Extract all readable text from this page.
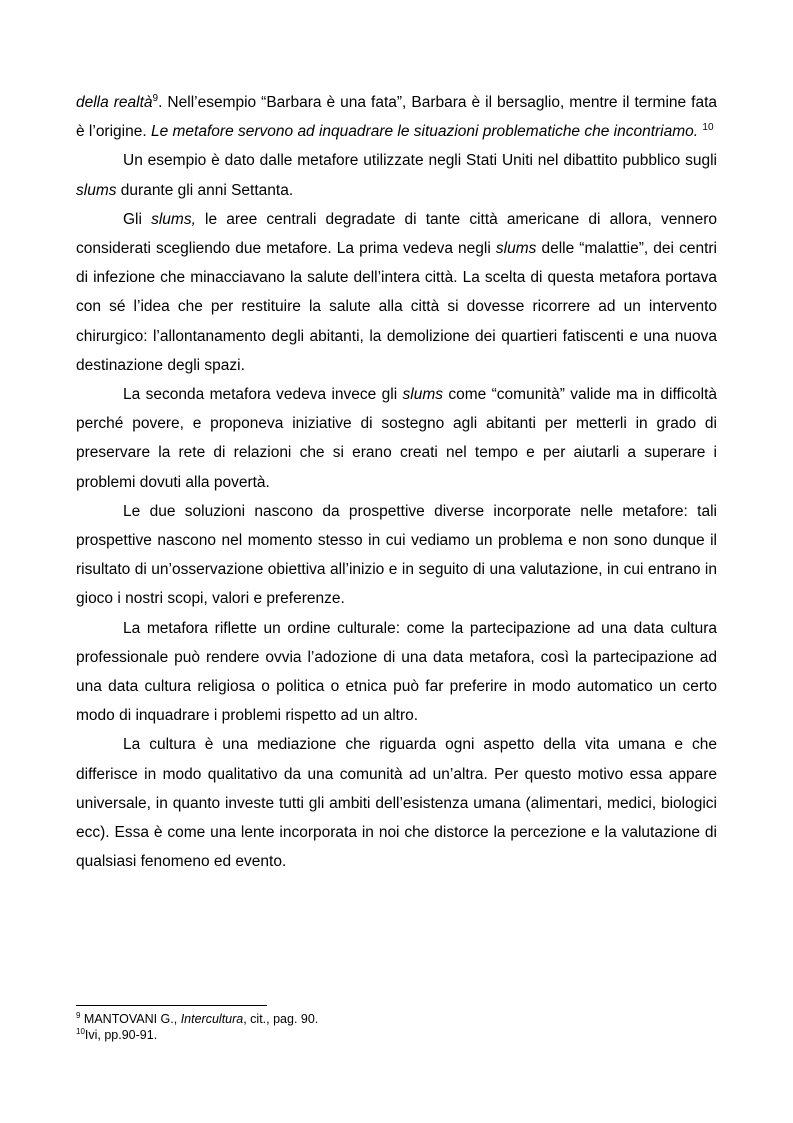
della realtà$^9$. Nell’esempio “Barbara è una fata”, Barbara è il bersaglio, mentre il termine fata è l’origine. Le metafore servono ad inquadrare le situazioni problematiche che incontriamo. $^{10}$

Un esempio è dato dalle metafore utilizzate negli Stati Uniti nel dibattito pubblico sugli slums durante gli anni Settanta.

Gli slums, le aree centrali degradate di tante città americane di allora, vennero considerati scegliendo due metafore. La prima vedeva negli slums delle “malattie”, dei centri di infezione che minacciavano la salute dell’intera città. La scelta di questa metafora portava con sé l’idea che per restituire la salute alla città si dovesse ricorrere ad un intervento chirurgico: l’allontanamento degli abitanti, la demolizione dei quartieri fatiscenti e una nuova destinazione degli spazi.

La seconda metafora vedeva invece gli slums come “comunità” valide ma in difficoltà perché povere, e proponeva iniziative di sostegno agli abitanti per metterli in grado di preservare la rete di relazioni che si erano creati nel tempo e per aiutarli a superare i problemi dovuti alla povertà.

Le due soluzioni nascono da prospettive diverse incorporate nelle metafore: tali prospettive nascono nel momento stesso in cui vediamo un problema e non sono dunque il risultato di un’osservazione obiettiva all’inizio e in seguito di una valutazione, in cui entrano in gioco i nostri scopi, valori e preferenze.

La metafora riflette un ordine culturale: come la partecipazione ad una data cultura professionale può rendere ovvia l’adozione di una data metafora, così la partecipazione ad una data cultura religiosa o politica o etnica può far preferire in modo automatico un certo modo di inquadrare i problemi rispetto ad un altro.

La cultura è una mediazione che riguarda ogni aspetto della vita umana e che differisce in modo qualitativo da una comunità ad un’altra. Per questo motivo essa appare universale, in quanto investe tutti gli ambiti dell’esistenza umana (alimentari, medici, biologici ecc). Essa è come una lente incorporata in noi che distorce la percezione e la valutazione di qualsiasi fenomeno ed evento.

$^9$ MANTOVANI G., Intercultura, cit., pag. 90.
$^{10}$Ivi, pp.90-91.
